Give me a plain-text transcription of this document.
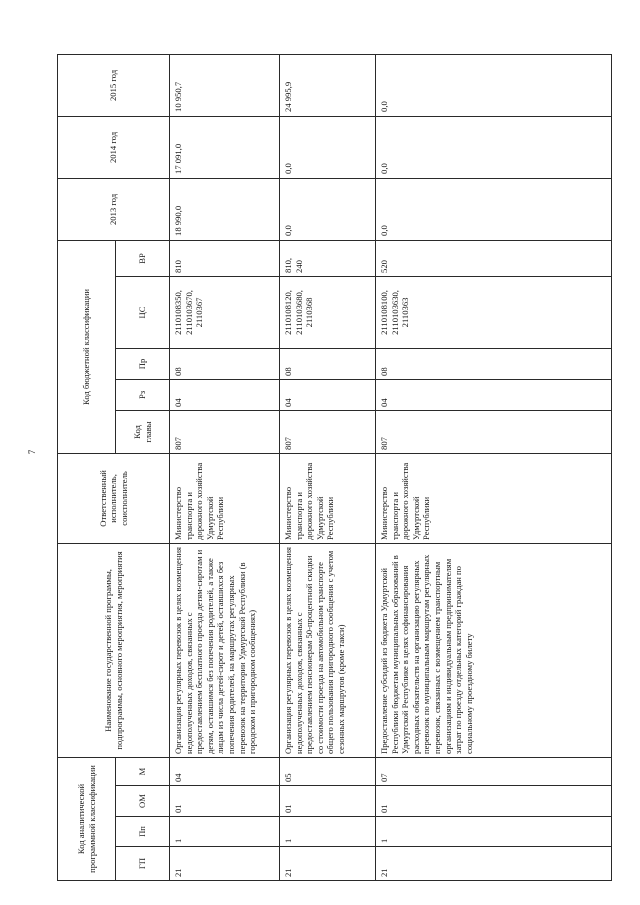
7
Код аналитической программной классификации				Наименование государственной программы, подпрограммы, основного мероприятия, мероприятия	Ответственный исполнитель, соисполнитель	Код бюджетной классификации					2013 год	2014 год	2015 год
ГП	Пп	ОМ	М			Код главы	Рз	Пр	ЦС	ВР			
21	1	01	04	Организация регулярных перевозок в целях возмещения недополученных доходов, связанных с предоставлением бесплатного проезда детям-сиротам и детям, оставшимся без попечения родителей, а также лицам из числа детей-сирот и детей, оставшихся без попечения родителей, на маршрутах регулярных перевозок на территории Удмуртской Республики (в городском и пригородном сообщениях)	Министерство транспорта и дорожного хозяйства Удмуртской Республики	807	04	08	2110108350, 2110103670, 2110367	810	18 990,0	17 091,0	10 950,7
21	1	01	05	Организация регулярных перевозок в целях возмещения недополученных доходов, связанных с предоставлением пенсионерам 50-процентной скидки со стоимости проезда на автомобильном транспорте общего пользования пригородного сообщения с учетом сезонных маршрутов (кроме такси)	Министерство транспорта и дорожного хозяйства Удмуртской Республики	807	04	08	2110108120, 2110103680, 2110368	810, 240	0,0	0,0	24 995,9
21	1	01	07	Предоставление субсидий из бюджета Удмуртской Республики бюджетам муниципальных образований в Удмуртской Республике в целях софинансирования расходных обязательств на организацию регулярных перевозок по муниципальным маршрутам регулярных перевозок, связанных с возмещением транспортным организациям и индивидуальным предпринимателям затрат по проезду отдельных категорий граждан по социальному проездному билету	Министерство транспорта и дорожного хозяйства Удмуртской Республики	807	04	08	2110108100, 2110103630, 2110363	520	0,0	0,0	0,0
